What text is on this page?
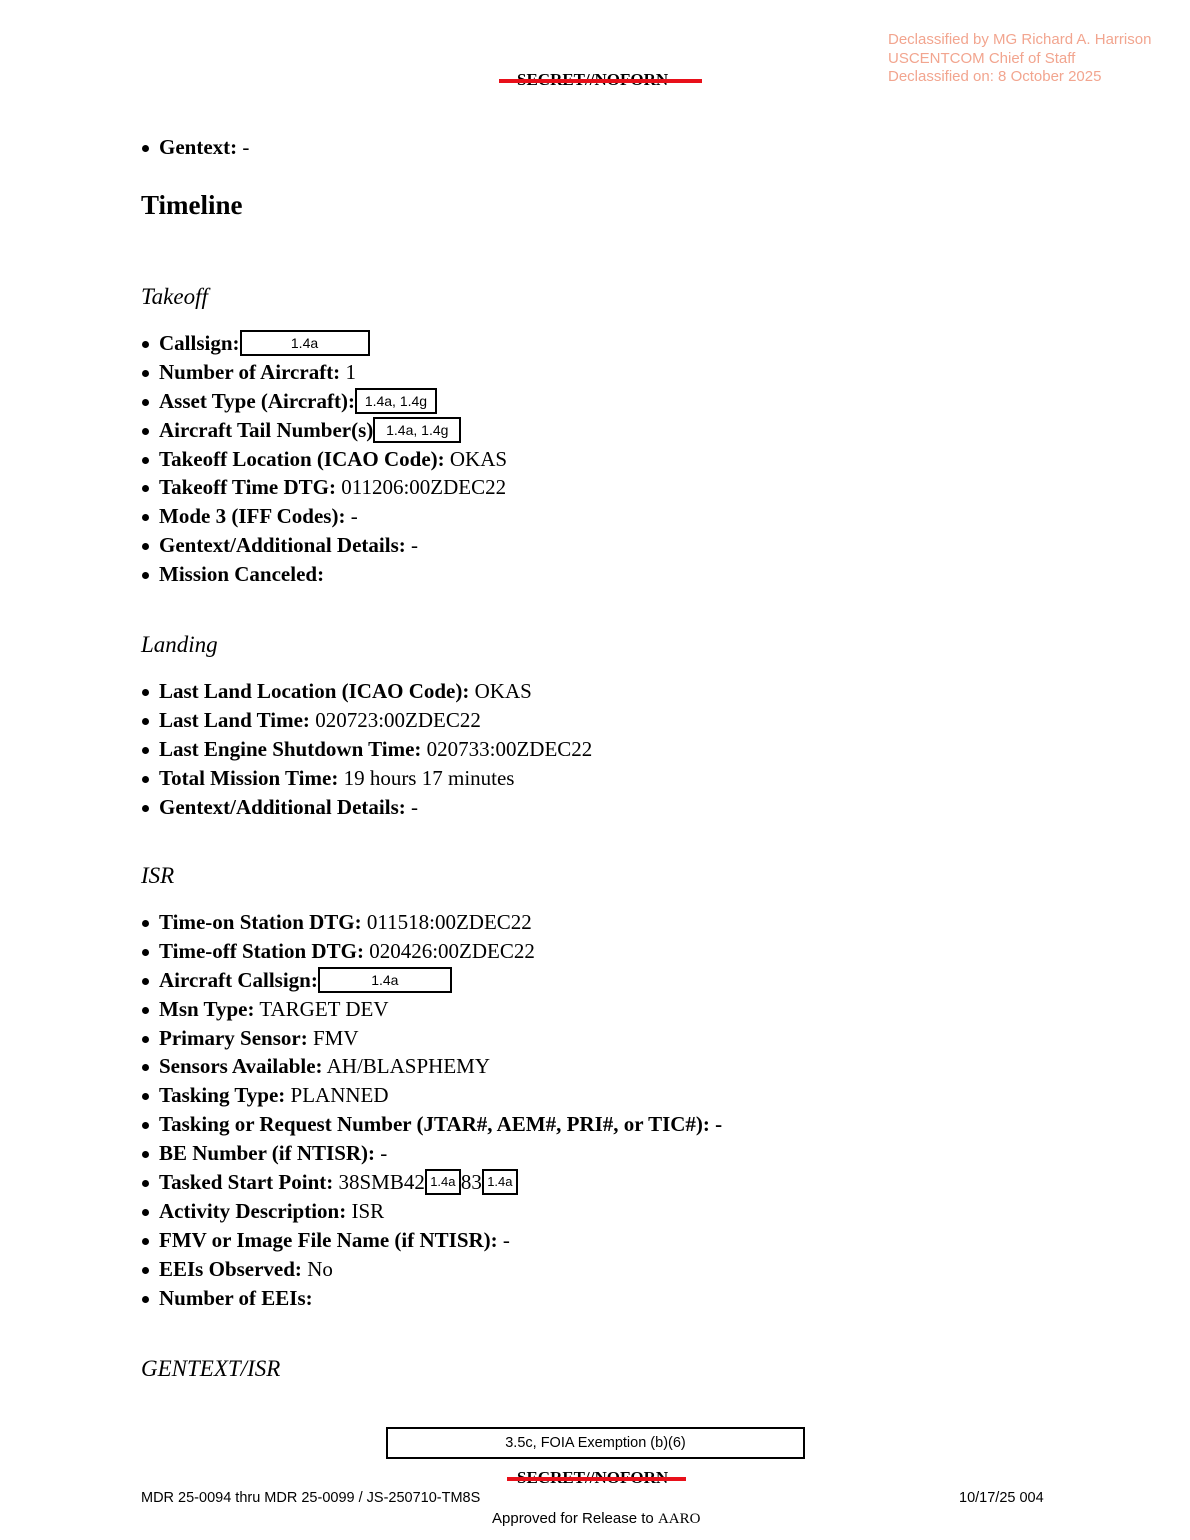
Declassified by MG Richard A. Harrison
USCENTCOM Chief of Staff
Declassified on: 8 October 2025
Gentext: -
Timeline
Takeoff
Callsign:	1.4a
Number of Aircraft: 1
Asset Type (Aircraft): 1.4a, 1.4g
Aircraft Tail Number(s) 1.4a, 1.4g
Takeoff Location (ICAO Code): OKAS
Takeoff Time DTG: 011206:00ZDEC22
Mode 3 (IFF Codes): -
Gentext/Additional Details: -
Mission Canceled:
Landing
Last Land Location (ICAO Code): OKAS
Last Land Time: 020723:00ZDEC22
Last Engine Shutdown Time: 020733:00ZDEC22
Total Mission Time: 19 hours 17 minutes
Gentext/Additional Details: -
ISR
Time-on Station DTG: 011518:00ZDEC22
Time-off Station DTG: 020426:00ZDEC22
Aircraft Callsign:	1.4a
Msn Type: TARGET DEV
Primary Sensor: FMV
Sensors Available: AH/BLASPHEMY
Tasking Type: PLANNED
Tasking or Request Number (JTAR#, AEM#, PRI#, or TIC#): -
BE Number (if NTISR): -
Tasked Start Point: 38SMB42 1.4a 83 1.4a
Activity Description: ISR
FMV or Image File Name (if NTISR): -
EEIs Observed: No
Number of EEIs:
GENTEXT/ISR
3.5c, FOIA Exemption (b)(6)
MDR 25-0094 thru MDR 25-0099 / JS-250710-TM8S	10/17/25 004
Approved for Release to AARO
